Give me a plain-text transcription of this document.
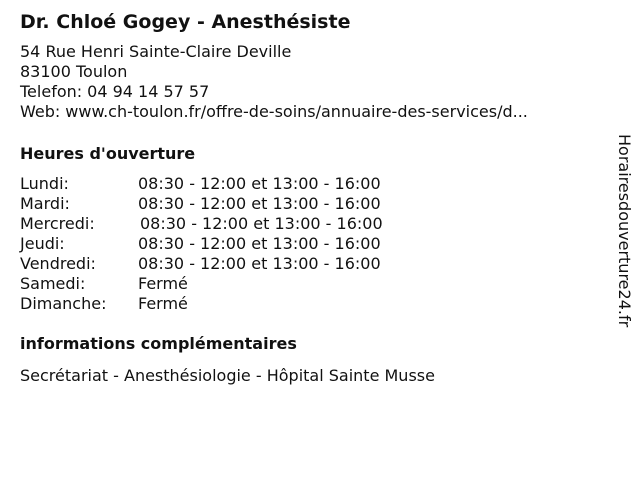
Dr. Chloé Gogey - Anesthésiste
54 Rue Henri Sainte-Claire Deville
83100 Toulon
Telefon: 04 94 14 57 57
Web: www.ch-toulon.fr/offre-de-soins/annuaire-des-services/d...
Heures d'ouverture
Lundi:	08:30 - 12:00 et 13:00 - 16:00
Mardi:	08:30 - 12:00 et 13:00 - 16:00
Mercredi:	08:30 - 12:00 et 13:00 - 16:00
Jeudi:	08:30 - 12:00 et 13:00 - 16:00
Vendredi:	08:30 - 12:00 et 13:00 - 16:00
Samedi:	Fermé
Dimanche:	Fermé
informations complémentaires
Secrétariat - Anesthésiologie - Hôpital Sainte Musse
Horairesdouverture24.fr
